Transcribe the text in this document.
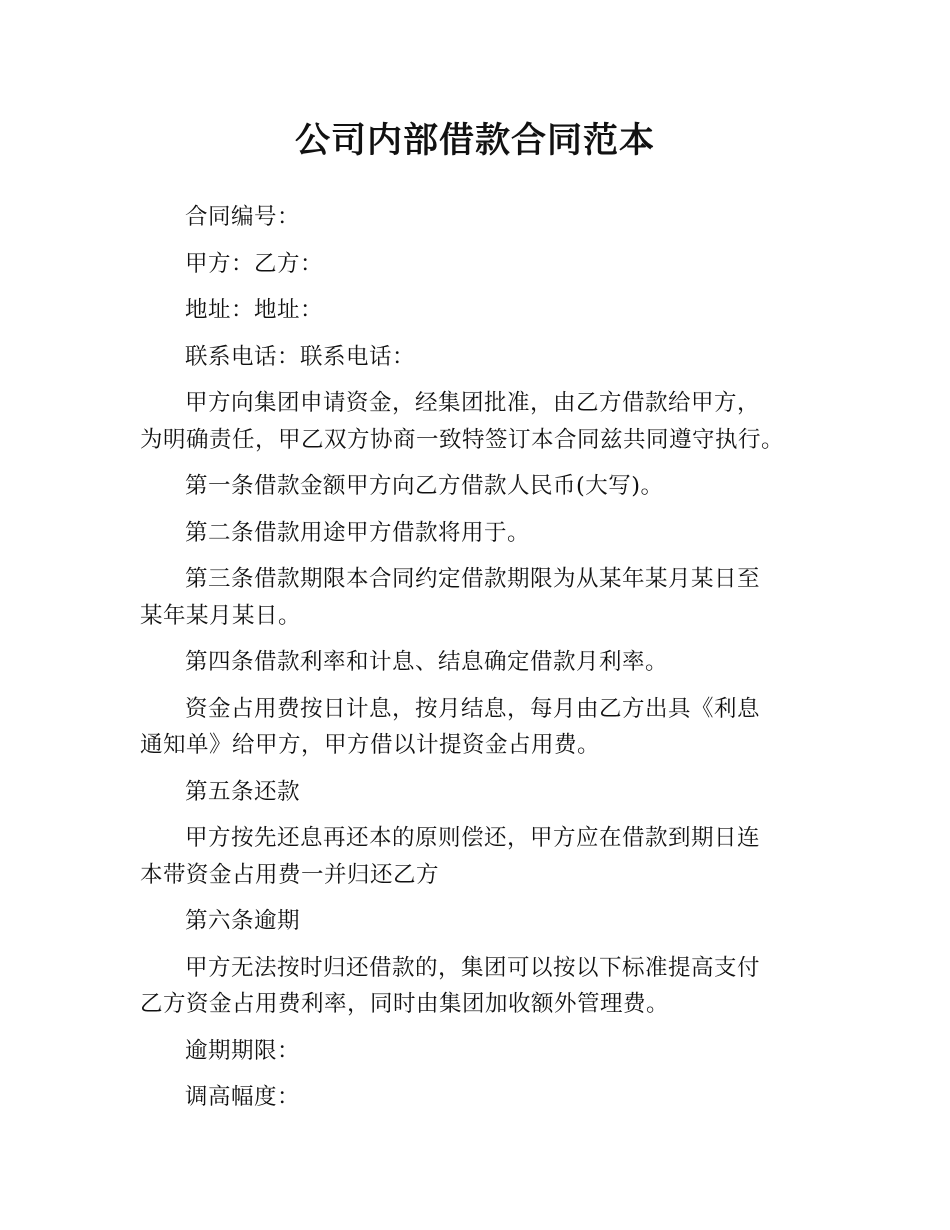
公司内部借款合同范本

合同编号：

甲方：乙方：

地址：地址：

联系电话：联系电话：

甲方向集团申请资金，经集团批准，由乙方借款给甲方，
为明确责任，甲乙双方协商一致特签订本合同兹共同遵守执行。

第一条借款金额甲方向乙方借款人民币(大写)。

第二条借款用途甲方借款将用于。

第三条借款期限本合同约定借款期限为从某年某月某日至
某年某月某日。

第四条借款利率和计息、结息确定借款月利率。

资金占用费按日计息，按月结息，每月由乙方出具《利息
通知单》给甲方，甲方借以计提资金占用费。

第五条还款

甲方按先还息再还本的原则偿还，甲方应在借款到期日连
本带资金占用费一并归还乙方

第六条逾期

甲方无法按时归还借款的，集团可以按以下标准提高支付
乙方资金占用费利率，同时由集团加收额外管理费。

逾期期限：

调高幅度：
